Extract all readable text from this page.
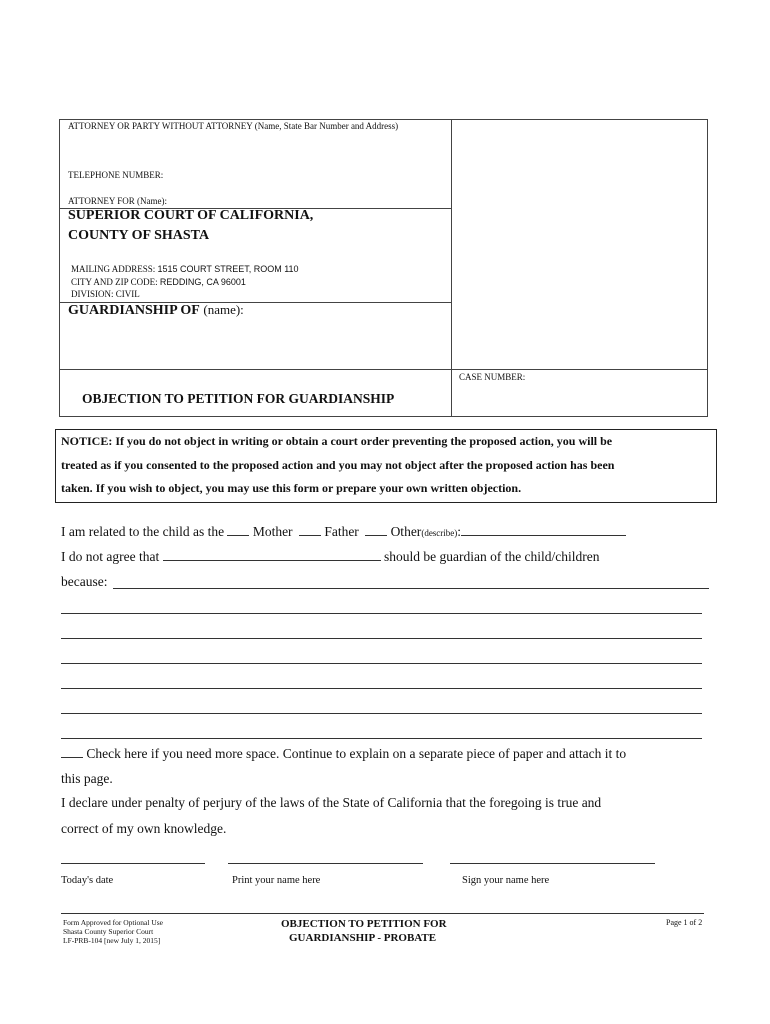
ATTORNEY OR PARTY WITHOUT ATTORNEY (Name, State Bar Number and Address)
TELEPHONE NUMBER:
ATTORNEY FOR (Name):
SUPERIOR COURT OF CALIFORNIA,
COUNTY OF SHASTA
MAILING ADDRESS: 1515 COURT STREET, ROOM 110
CITY AND ZIP CODE: REDDING, CA 96001
DIVISION: CIVIL
GUARDIANSHIP OF (name):
CASE NUMBER:
OBJECTION TO PETITION FOR GUARDIANSHIP
NOTICE: If you do not object in writing or obtain a court order preventing the proposed action, you will be
treated as if you consented to the proposed action and you may not object after the proposed action has been
taken. If you wish to object, you may use this form or prepare your own written objection.
I am related to the child as the Mother Father Other(describe):
I do not agree that	should be guardian of the child/children
because:
Check here if you need more space. Continue to explain on a separate piece of paper and attach it to
this page.
I declare under penalty of perjury of the laws of the State of California that the foregoing is true and
correct of my own knowledge.
Today's date	Print your name here	Sign your name here
Form Approved for Optional Use
Shasta County Superior Court
LF-PRB-104 [new July 1, 2015]
OBJECTION TO PETITION FOR
GUARDIANSHIP - PROBATE
Page 1 of 2
